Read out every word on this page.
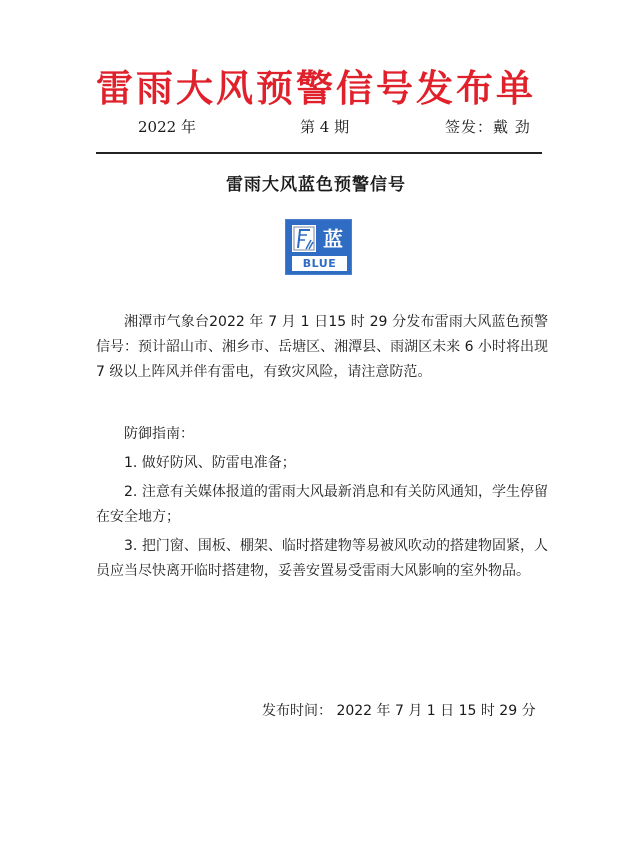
雷雨大风预警信号发布单
2022 年	第 4 期	签发：戴 劲
雷雨大风蓝色预警信号
蓝
BLUE
湘潭市气象台2022 年 7 月 1 日15 时 29 分发布雷雨大风蓝色预警信号：预计韶山市、湘乡市、岳塘区、湘潭县、雨湖区未来 6 小时将出现 7 级以上阵风并伴有雷电，有致灾风险，请注意防范。
防御指南：
1. 做好防风、防雷电准备；
2. 注意有关媒体报道的雷雨大风最新消息和有关防风通知，学生停留在安全地方；
3. 把门窗、围板、棚架、临时搭建物等易被风吹动的搭建物固紧，人员应当尽快离开临时搭建物，妥善安置易受雷雨大风影响的室外物品。
发布时间： 2022 年 7 月 1 日 15 时 29 分
